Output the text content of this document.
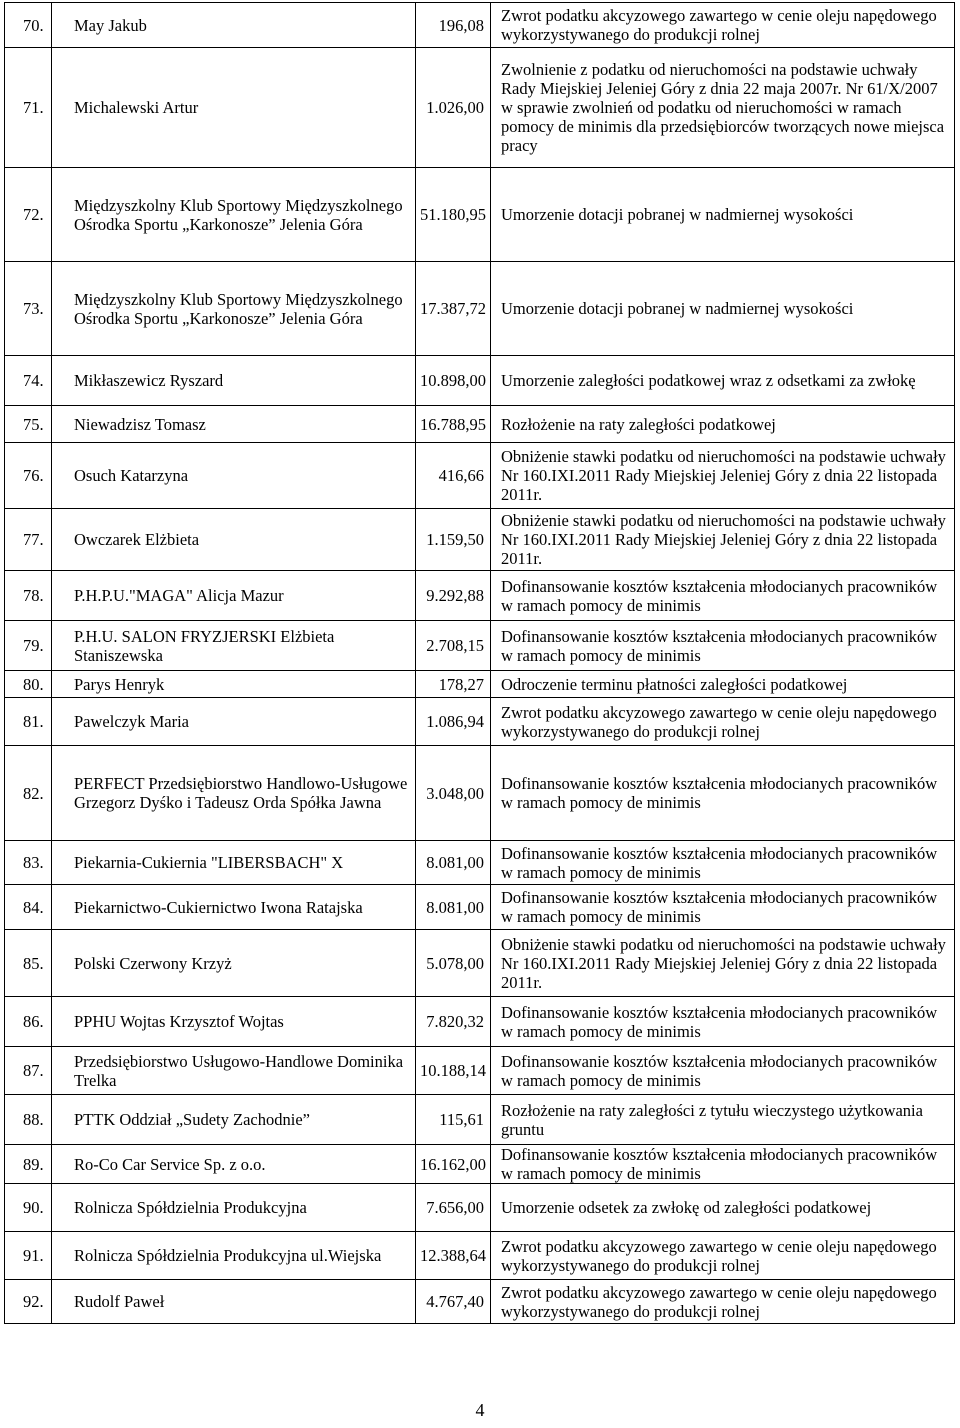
70.	May Jakub	196,08	Zwrot podatku akcyzowego zawartego w cenie oleju napędowego wykorzystywanego do produkcji rolnej
71.	Michalewski Artur	1.026,00	Zwolnienie z podatku od nieruchomości na podstawie uchwały Rady Miejskiej Jeleniej Góry z dnia 22 maja 2007r. Nr 61/X/2007 w sprawie zwolnień od podatku od nieruchomości w ramach pomocy de minimis dla przedsiębiorców tworzących nowe miejsca pracy
72.	Międzyszkolny Klub Sportowy Międzyszkolnego Ośrodka Sportu „Karkonosze” Jelenia Góra	51.180,95	Umorzenie dotacji pobranej w nadmiernej wysokości
73.	Międzyszkolny Klub Sportowy Międzyszkolnego Ośrodka Sportu „Karkonosze” Jelenia Góra	17.387,72	Umorzenie dotacji pobranej w nadmiernej wysokości
74.	Mikłaszewicz Ryszard	10.898,00	Umorzenie zaległości podatkowej wraz z odsetkami za zwłokę
75.	Niewadzisz Tomasz	16.788,95	Rozłożenie na raty zaległości podatkowej
76.	Osuch Katarzyna	416,66	Obniżenie stawki podatku od nieruchomości na podstawie uchwały Nr 160.IXI.2011 Rady Miejskiej Jeleniej Góry z dnia 22 listopada 2011r.
77.	Owczarek Elżbieta	1.159,50	Obniżenie stawki podatku od nieruchomości na podstawie uchwały Nr 160.IXI.2011 Rady Miejskiej Jeleniej Góry z dnia 22 listopada 2011r.
78.	P.H.P.U."MAGA" Alicja Mazur	9.292,88	Dofinansowanie kosztów kształcenia młodocianych pracowników w ramach pomocy de minimis
79.	P.H.U. SALON FRYZJERSKI Elżbieta Staniszewska	2.708,15	Dofinansowanie kosztów kształcenia młodocianych pracowników w ramach pomocy de minimis
80.	Parys Henryk	178,27	Odroczenie terminu płatności zaległości podatkowej
81.	Pawelczyk Maria	1.086,94	Zwrot podatku akcyzowego zawartego w cenie oleju napędowego wykorzystywanego do produkcji rolnej
82.	PERFECT Przedsiębiorstwo Handlowo-Usługowe Grzegorz Dyśko i Tadeusz Orda Spółka Jawna	3.048,00	Dofinansowanie kosztów kształcenia młodocianych pracowników w ramach pomocy de minimis
83.	Piekarnia-Cukiernia "LIBERSBACH" X	8.081,00	Dofinansowanie kosztów kształcenia młodocianych pracowników w ramach pomocy de minimis
84.	Piekarnictwo-Cukiernictwo Iwona Ratajska	8.081,00	Dofinansowanie kosztów kształcenia młodocianych pracowników w ramach pomocy de minimis
85.	Polski Czerwony Krzyż	5.078,00	Obniżenie stawki podatku od nieruchomości na podstawie uchwały Nr 160.IXI.2011 Rady Miejskiej Jeleniej Góry z dnia 22 listopada 2011r.
86.	PPHU Wojtas Krzysztof Wojtas	7.820,32	Dofinansowanie kosztów kształcenia młodocianych pracowników w ramach pomocy de minimis
87.	Przedsiębiorstwo Usługowo-Handlowe Dominika Trelka	10.188,14	Dofinansowanie kosztów kształcenia młodocianych pracowników w ramach pomocy de minimis
88.	PTTK Oddział „Sudety Zachodnie”	115,61	Rozłożenie na raty zaległości z tytułu wieczystego użytkowania gruntu
89.	Ro-Co Car Service Sp. z o.o.	16.162,00	Dofinansowanie kosztów kształcenia młodocianych pracowników w ramach pomocy de minimis
90.	Rolnicza Spółdzielnia Produkcyjna	7.656,00	Umorzenie odsetek za zwłokę od zaległości podatkowej
91.	Rolnicza Spółdzielnia Produkcyjna ul.Wiejska	12.388,64	Zwrot podatku akcyzowego zawartego w cenie oleju napędowego wykorzystywanego do produkcji rolnej
92.	Rudolf Paweł	4.767,40	Zwrot podatku akcyzowego zawartego w cenie oleju napędowego wykorzystywanego do produkcji rolnej
4
